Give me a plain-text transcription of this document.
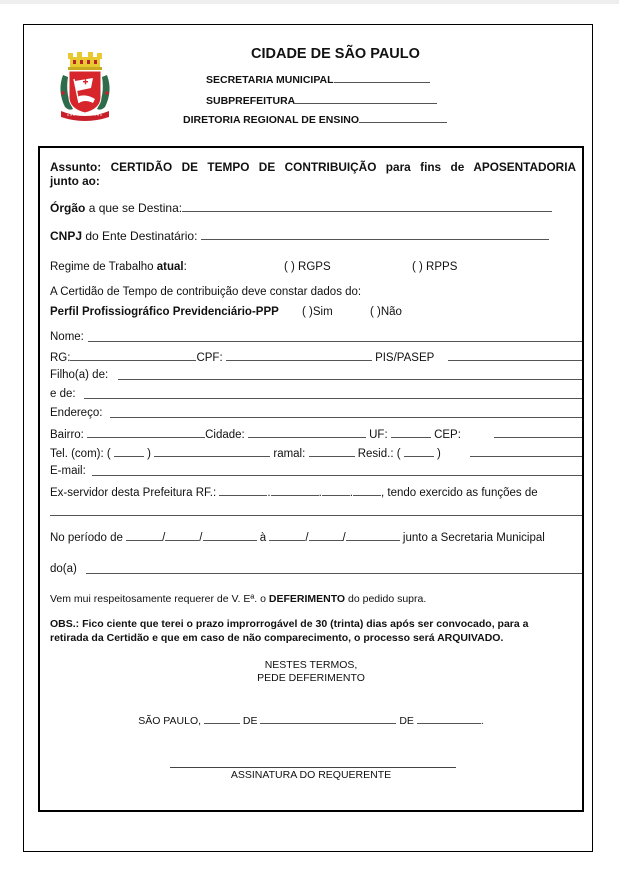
CIDADE DE SÃO PAULO
SECRETARIA MUNICIPAL
SUBPREFEITURA
DIRETORIA REGIONAL DE ENSINO
Assunto: CERTIDÃO DE TEMPO DE CONTRIBUIÇÃO para fins de APOSENTADORIA
junto ao:
Órgão a que se Destina:
CNPJ do Ente Destinatário:
Regime de Trabalho atual:	( ) RGPS	( ) RPPS
A Certidão de Tempo de contribuição deve constar dados do:
Perfil Profissiográfico Previdenciário-PPP	( )Sim	( )Não
Nome:
RG:	CPF:	PIS/PASEP
Filho(a) de:
e de:
Endereço:
Bairro:	Cidade:	UF:	CEP:
Tel. (com): (	)	ramal:	Resid.: (	)
E-mail:
Ex-servidor desta Prefeitura RF.:	.	. . , tendo exercido as funções de
No período de	/	/	à	/	/	junto a Secretaria Municipal
do(a)
Vem mui respeitosamente requerer de V. Eª. o DEFERIMENTO do pedido supra.
OBS.: Fico ciente que terei o prazo improrrogável de 30 (trinta) dias após ser convocado, para a
retirada da Certidão e que em caso de não comparecimento, o processo será ARQUIVADO.
NESTES TERMOS,
PEDE DEFERIMENTO
SÃO PAULO,	DE	DE	.
ASSINATURA DO REQUERENTE
